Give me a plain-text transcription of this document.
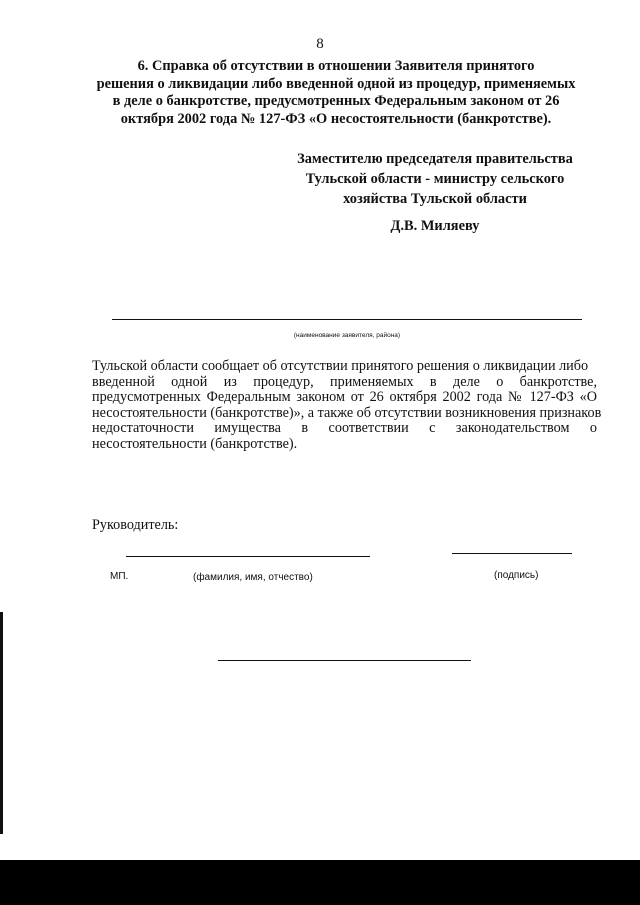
8
6. Справка об отсутствии в отношении Заявителя принятого
решения о ликвидации либо введенной одной из процедур, применяемых
в деле о банкротстве, предусмотренных Федеральным законом от 26
октября 2002 года № 127-ФЗ «О несостоятельности (банкротстве).
Заместителю председателя правительства
Тульской области - министру сельского
хозяйства Тульской области
Д.В. Миляеву
(наименование заявителя, района)
Тульской области сообщает об отсутствии принятого решения о ликвидации либо
введенной одной из процедур, применяемых в деле о банкротстве,
предусмотренных Федеральным законом от 26 октября 2002 года № 127-ФЗ «О
несостоятельности (банкротстве)», а также об отсутствии возникновения признаков
недостаточности имущества в соответствии с законодательством о
несостоятельности (банкротстве).
Руководитель:
МП.	(фамилия, имя, отчество)	(подпись)
